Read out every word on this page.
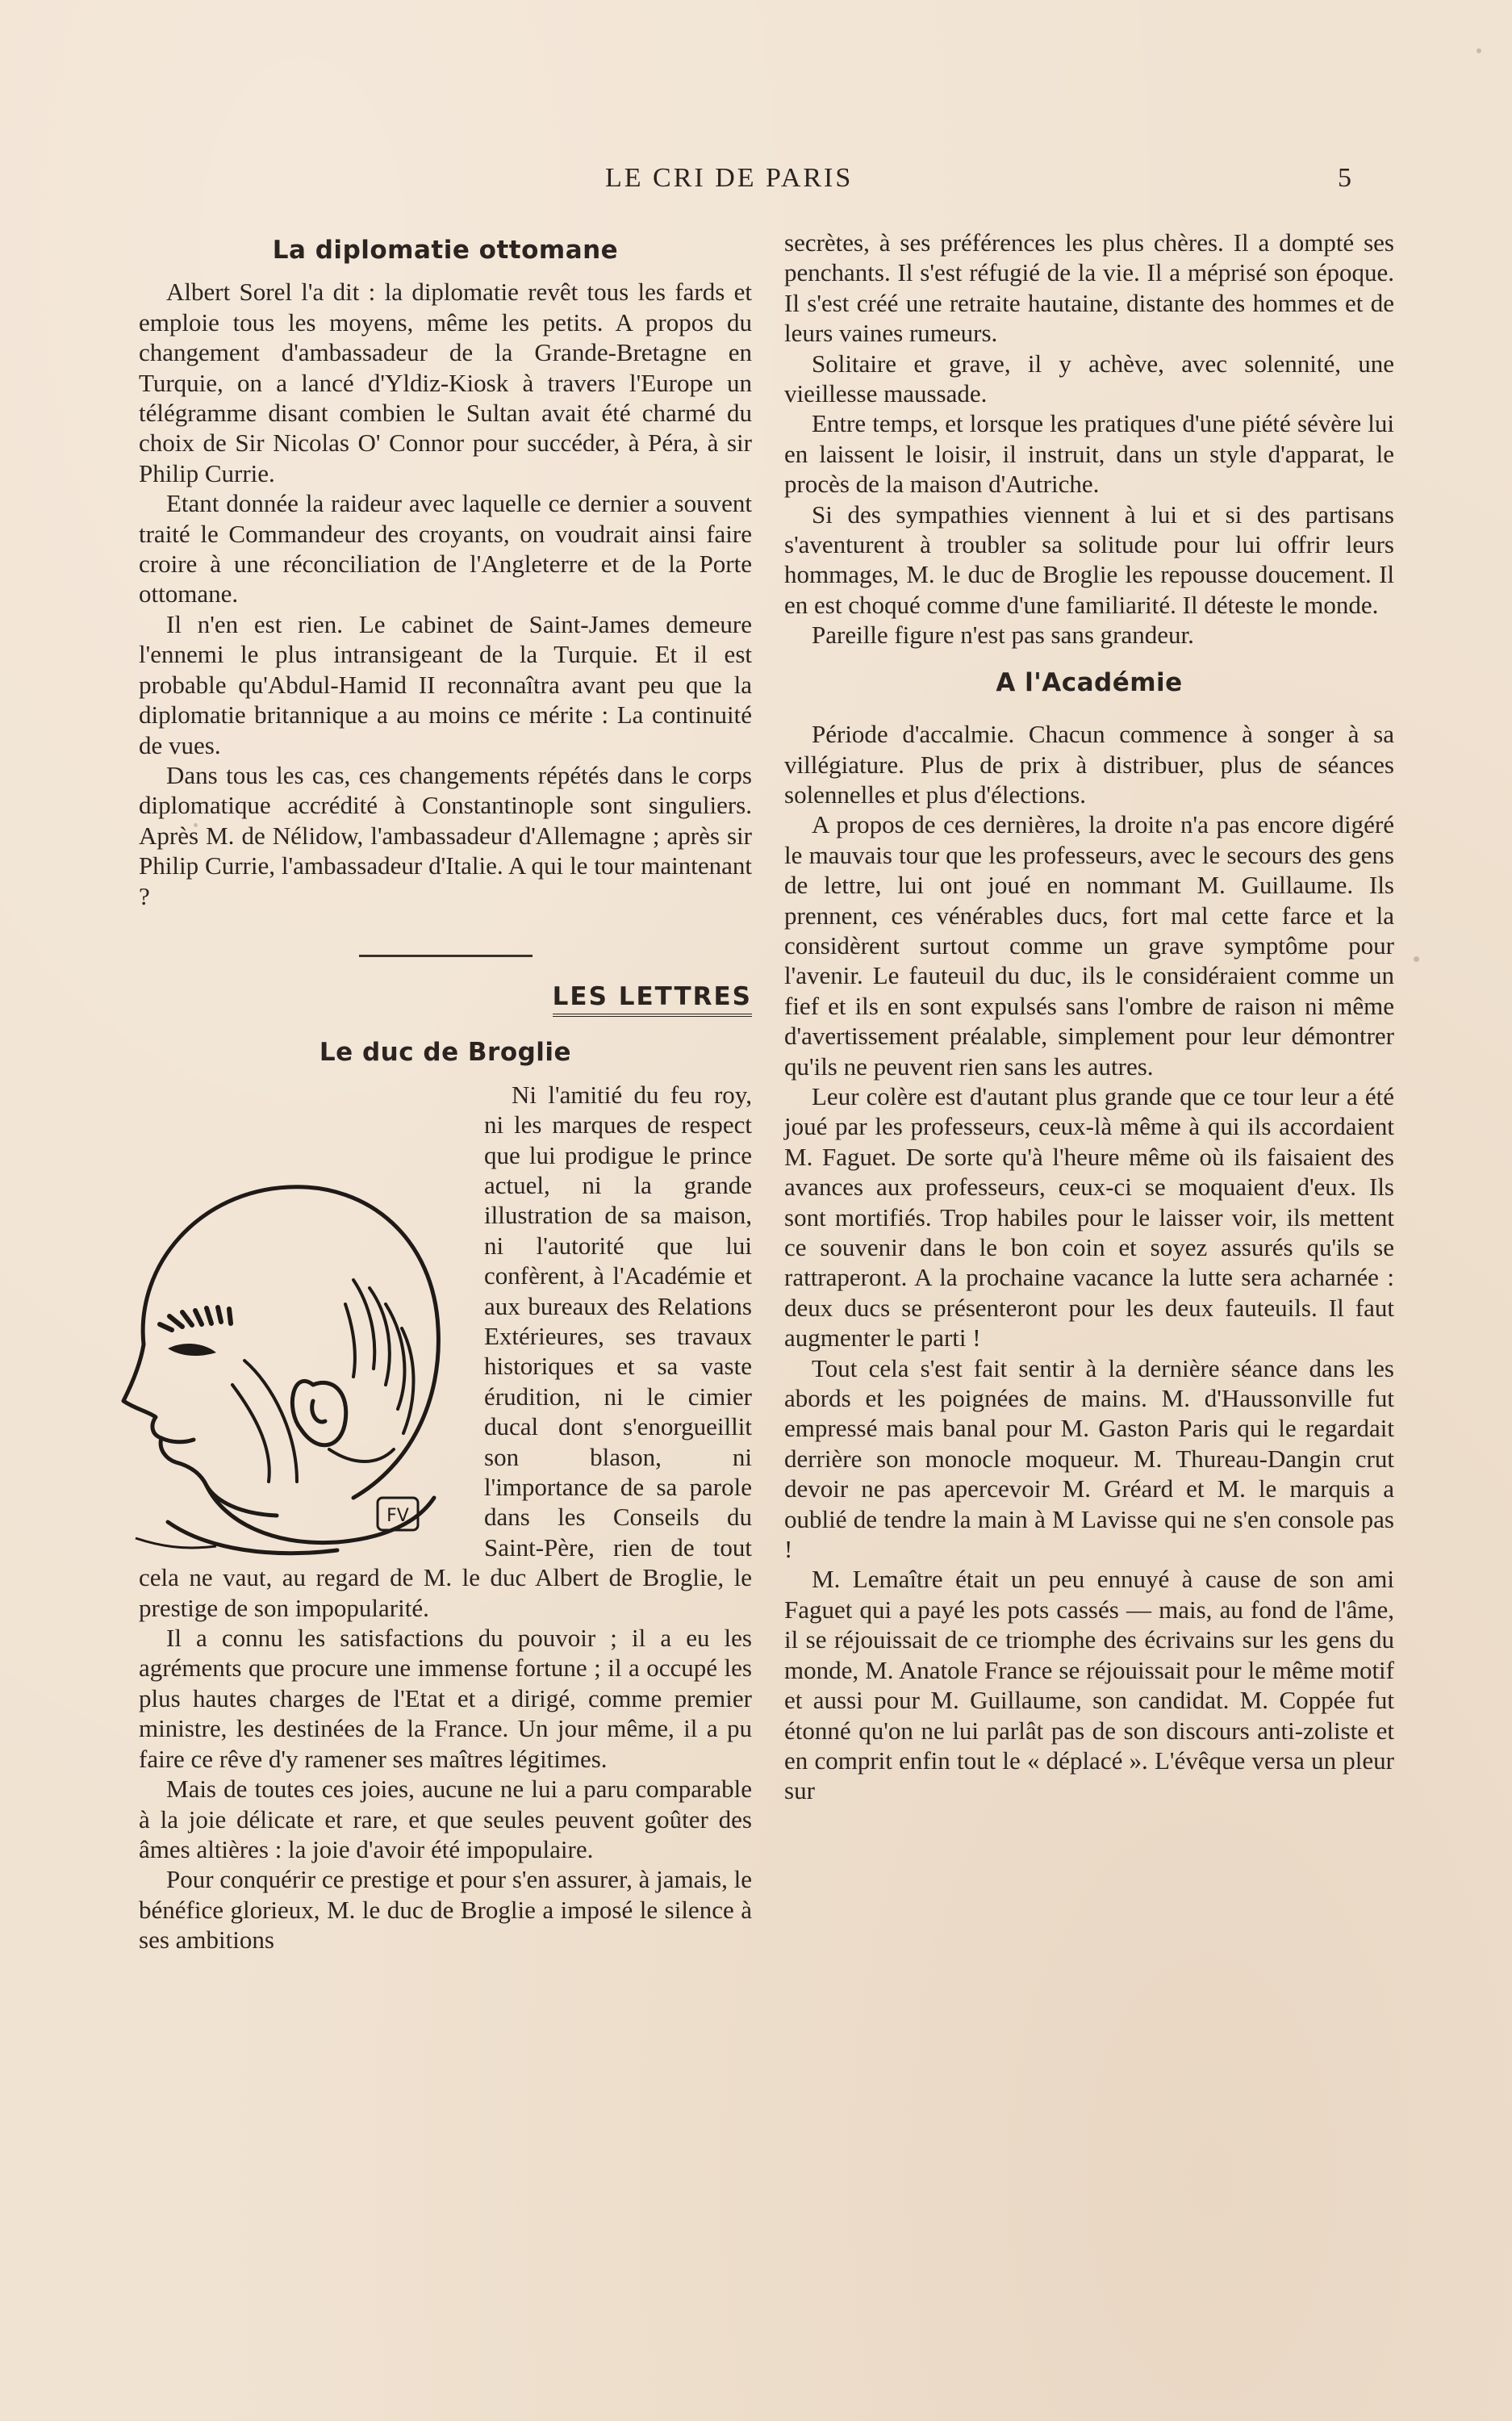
LE CRI DE PARIS	5
La diplomatie ottomane

Albert Sorel l'a dit : la diplomatie revêt tous les fards et emploie tous les moyens, même les petits. A propos du changement d'ambassadeur de la Grande-Bretagne en Turquie, on a lancé d'Yldiz-Kiosk à travers l'Europe un télégramme disant combien le Sultan avait été charmé du choix de Sir Nicolas O' Connor pour succéder, à Péra, à sir Philip Currie.

Etant donnée la raideur avec laquelle ce dernier a souvent traité le Commandeur des croyants, on voudrait ainsi faire croire à une réconciliation de l'Angleterre et de la Porte ottomane.

Il n'en est rien. Le cabinet de Saint-James demeure l'ennemi le plus intransigeant de la Turquie. Et il est probable qu'Abdul-Hamid II reconnaîtra avant peu que la diplomatie britannique a au moins ce mérite : La continuité de vues.

Dans tous les cas, ces changements répétés dans le corps diplomatique accrédité à Constantinople sont singuliers. Après M. de Nélidow, l'ambassadeur d'Allemagne ; après sir Philip Currie, l'ambassadeur d'Italie. A qui le tour maintenant ?

LES LETTRES
Le duc de Broglie

Ni l'amitié du feu roy, ni les marques de respect que lui prodigue le prince actuel, ni la grande illustration de sa maison, ni l'autorité que lui confèrent, à l'Académie et aux bureaux des Relations Extérieures, ses travaux historiques et sa vaste érudition, ni le cimier ducal dont s'enorgueillit son blason, ni l'importance de sa parole dans les Conseils du Saint-Père, rien de tout cela ne vaut, au regard de M. le duc Albert de Broglie, le prestige de son impopularité.

Il a connu les satisfactions du pouvoir ; il a eu les agréments que procure une immense fortune ; il a occupé les plus hautes charges de l'Etat et a dirigé, comme premier ministre, les destinées de la France. Un jour même, il a pu faire ce rêve d'y ramener ses maîtres légitimes.

Mais de toutes ces joies, aucune ne lui a paru comparable à la joie délicate et rare, et que seules peuvent goûter des âmes altières : la joie d'avoir été impopulaire.

Pour conquérir ce prestige et pour s'en assurer, à jamais, le bénéfice glorieux, M. le duc de Broglie a imposé le silence à ses ambitions

secrètes, à ses préférences les plus chères. Il a dompté ses penchants. Il s'est réfugié de la vie. Il a méprisé son époque. Il s'est créé une retraite hautaine, distante des hommes et de leurs vaines rumeurs.

Solitaire et grave, il y achève, avec solennité, une vieillesse maussade.

Entre temps, et lorsque les pratiques d'une piété sévère lui en laissent le loisir, il instruit, dans un style d'apparat, le procès de la maison d'Autriche.

Si des sympathies viennent à lui et si des partisans s'aventurent à troubler sa solitude pour lui offrir leurs hommages, M. le duc de Broglie les repousse doucement. Il en est choqué comme d'une familiarité. Il déteste le monde.

Pareille figure n'est pas sans grandeur.

A l'Académie

Période d'accalmie. Chacun commence à songer à sa villégiature. Plus de prix à distribuer, plus de séances solennelles et plus d'élections.

A propos de ces dernières, la droite n'a pas encore digéré le mauvais tour que les professeurs, avec le secours des gens de lettre, lui ont joué en nommant M. Guillaume. Ils prennent, ces vénérables ducs, fort mal cette farce et la considèrent surtout comme un grave symptôme pour l'avenir. Le fauteuil du duc, ils le considéraient comme un fief et ils en sont expulsés sans l'ombre de raison ni même d'avertissement préalable, simplement pour leur démontrer qu'ils ne peuvent rien sans les autres.

Leur colère est d'autant plus grande que ce tour leur a été joué par les professeurs, ceux-là même à qui ils accordaient M. Faguet. De sorte qu'à l'heure même où ils faisaient des avances aux professeurs, ceux-ci se moquaient d'eux. Ils sont mortifiés. Trop habiles pour le laisser voir, ils mettent ce souvenir dans le bon coin et soyez assurés qu'ils se rattraperont. A la prochaine vacance la lutte sera acharnée : deux ducs se présenteront pour les deux fauteuils. Il faut augmenter le parti !

Tout cela s'est fait sentir à la dernière séance dans les abords et les poignées de mains. M. d'Haussonville fut empressé mais banal pour M. Gaston Paris qui le regardait derrière son monocle moqueur. M. Thureau-Dangin crut devoir ne pas apercevoir M. Gréard et M. le marquis a oublié de tendre la main à M Lavisse qui ne s'en console pas !

M. Lemaître était un peu ennuyé à cause de son ami Faguet qui a payé les pots cassés — mais, au fond de l'âme, il se réjouissait de ce triomphe des écrivains sur les gens du monde, M. Anatole France se réjouissait pour le même motif et aussi pour M. Guillaume, son candidat. M. Coppée fut étonné qu'on ne lui parlât pas de son discours anti-zoliste et en comprit enfin tout le « déplacé ». L'évêque versa un pleur sur

FV
